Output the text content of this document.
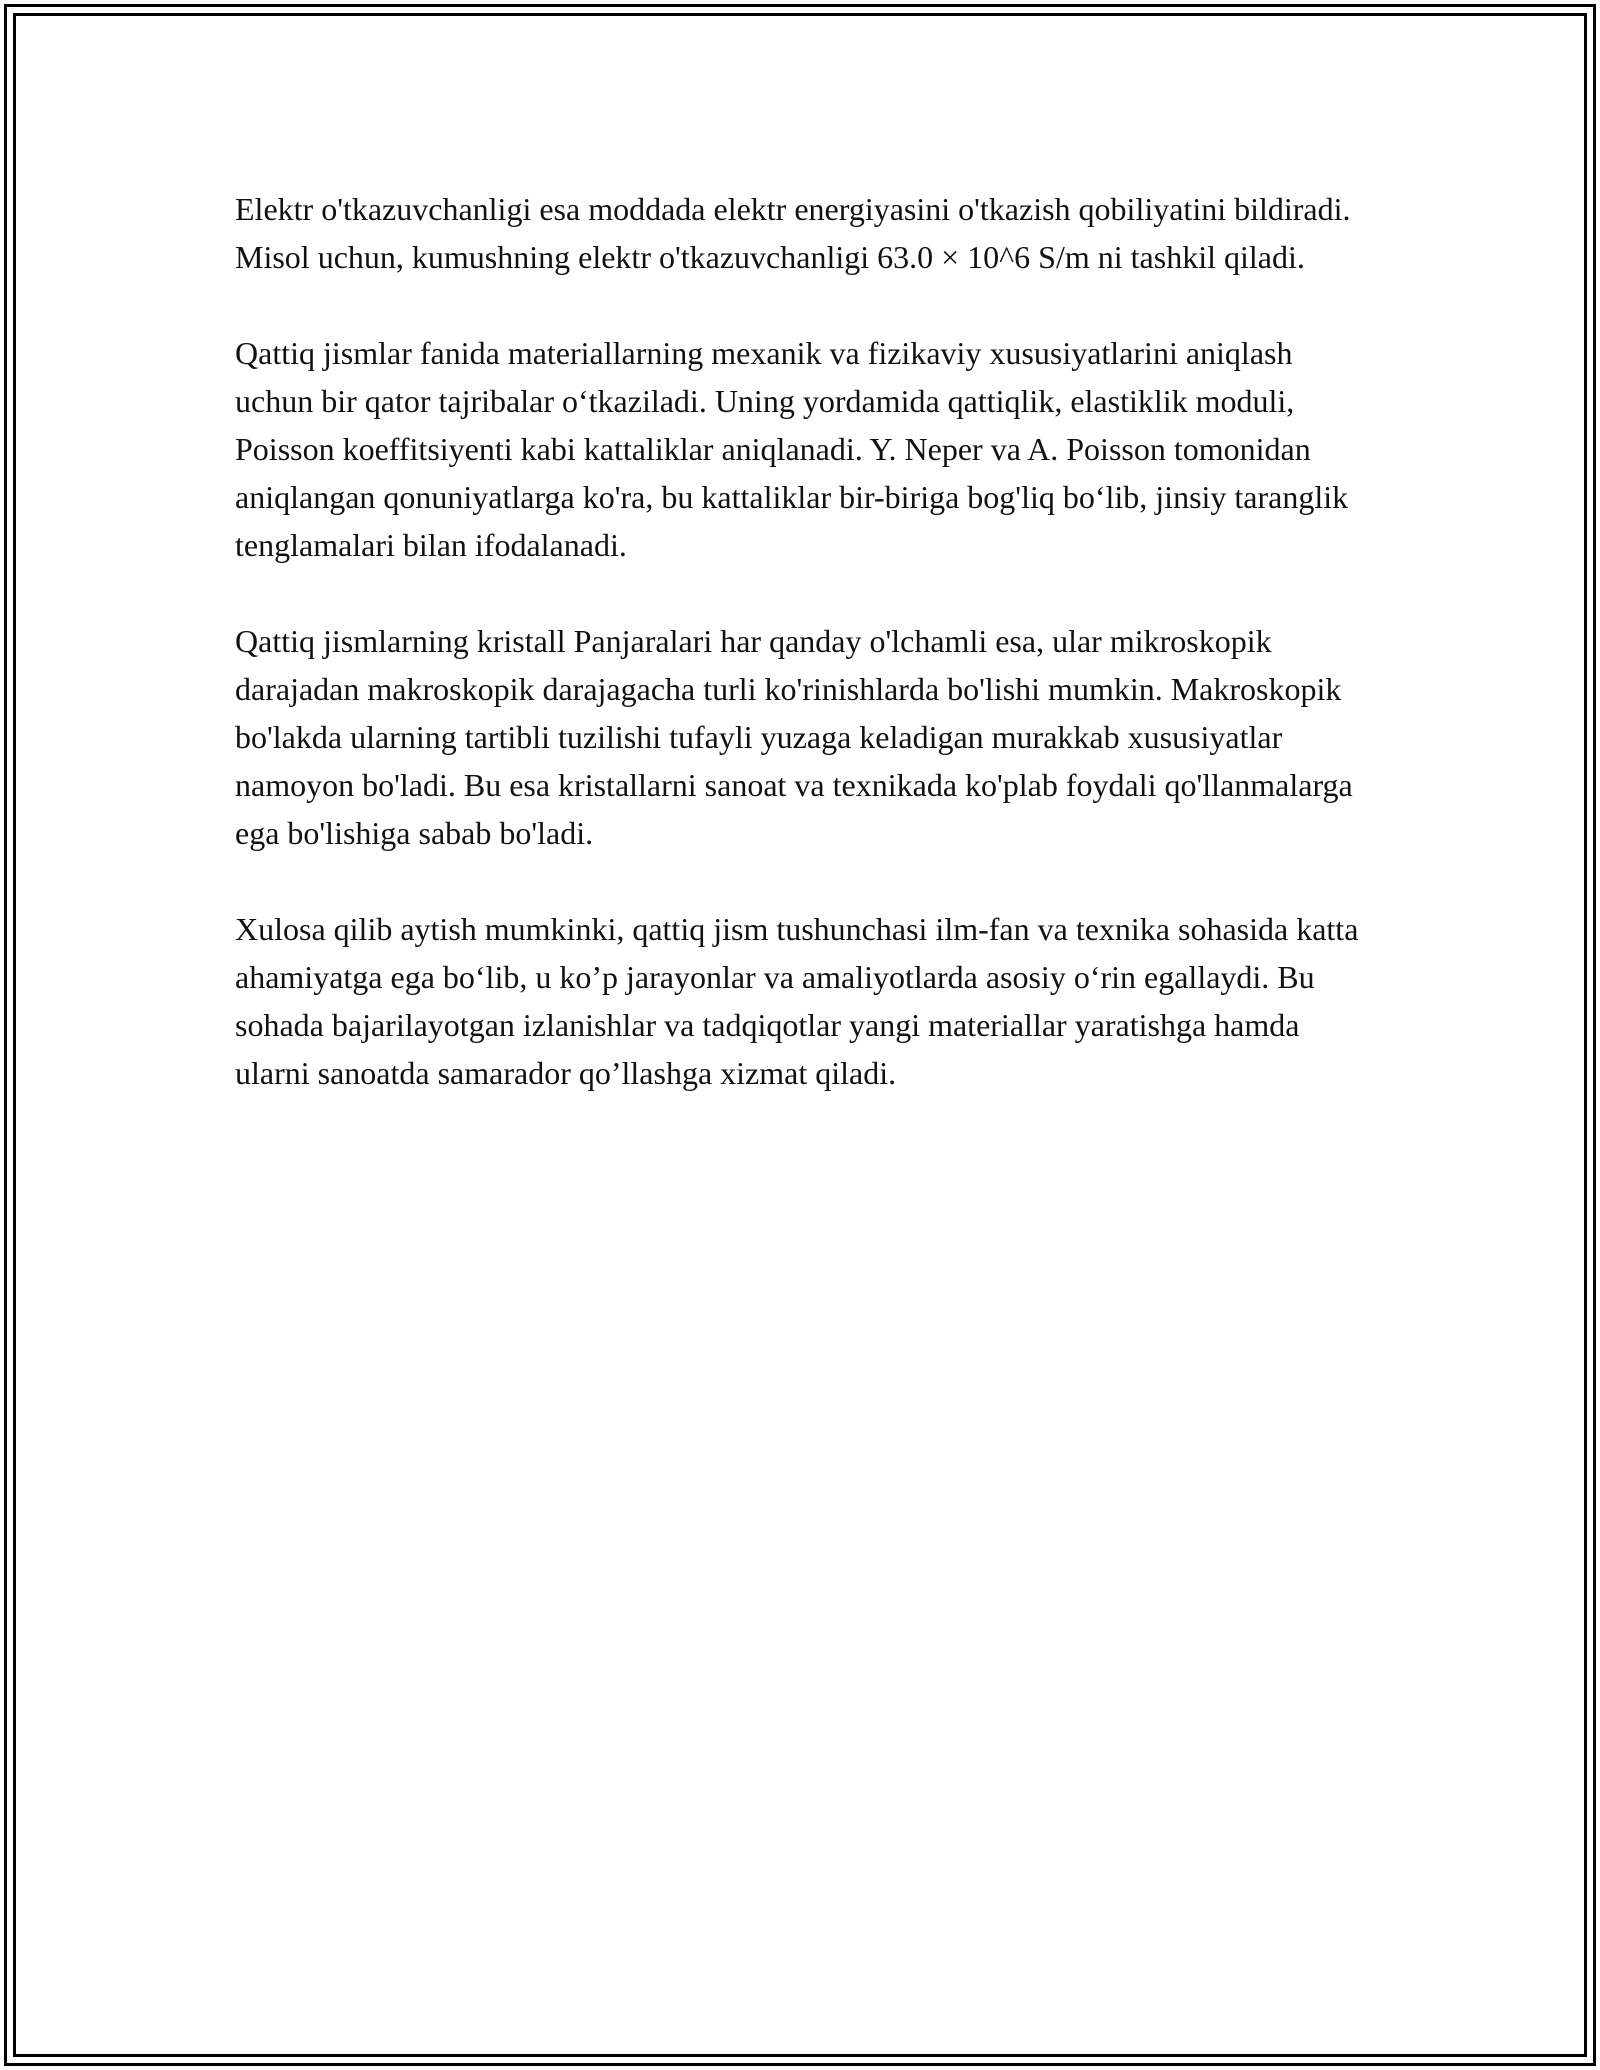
Elektr o'tkazuvchanligi esa moddada elektr energiyasini o'tkazish qobiliyatini bildiradi. Misol uchun, kumushning elektr o'tkazuvchanligi 63.0 × 10^6 S/m ni tashkil qiladi.

Qattiq jismlar fanida materiallarning mexanik va fizikaviy xususiyatlarini aniqlash uchun bir qator tajribalar o‘tkaziladi. Uning yordamida qattiqlik, elastiklik moduli, Poisson koeffitsiyenti kabi kattaliklar aniqlanadi. Y. Neper va A. Poisson tomonidan aniqlangan qonuniyatlarga ko'ra, bu kattaliklar bir-biriga bog'liq bo‘lib, jinsiy taranglik tenglamalari bilan ifodalanadi.

Qattiq jismlarning kristall Panjaralari har qanday o'lchamli esa, ular mikroskopik darajadan makroskopik darajagacha turli ko'rinishlarda bo'lishi mumkin. Makroskopik bo'lakda ularning tartibli tuzilishi tufayli yuzaga keladigan murakkab xususiyatlar namoyon bo'ladi. Bu esa kristallarni sanoat va texnikada ko'plab foydali qo'llanmalarga ega bo'lishiga sabab bo'ladi.

Xulosa qilib aytish mumkinki, qattiq jism tushunchasi ilm-fan va texnika sohasida katta ahamiyatga ega bo‘lib, u ko’p jarayonlar va amaliyotlarda asosiy o‘rin egallaydi. Bu sohada bajarilayotgan izlanishlar va tadqiqotlar yangi materiallar yaratishga hamda ularni sanoatda samarador qo’llashga xizmat qiladi.
